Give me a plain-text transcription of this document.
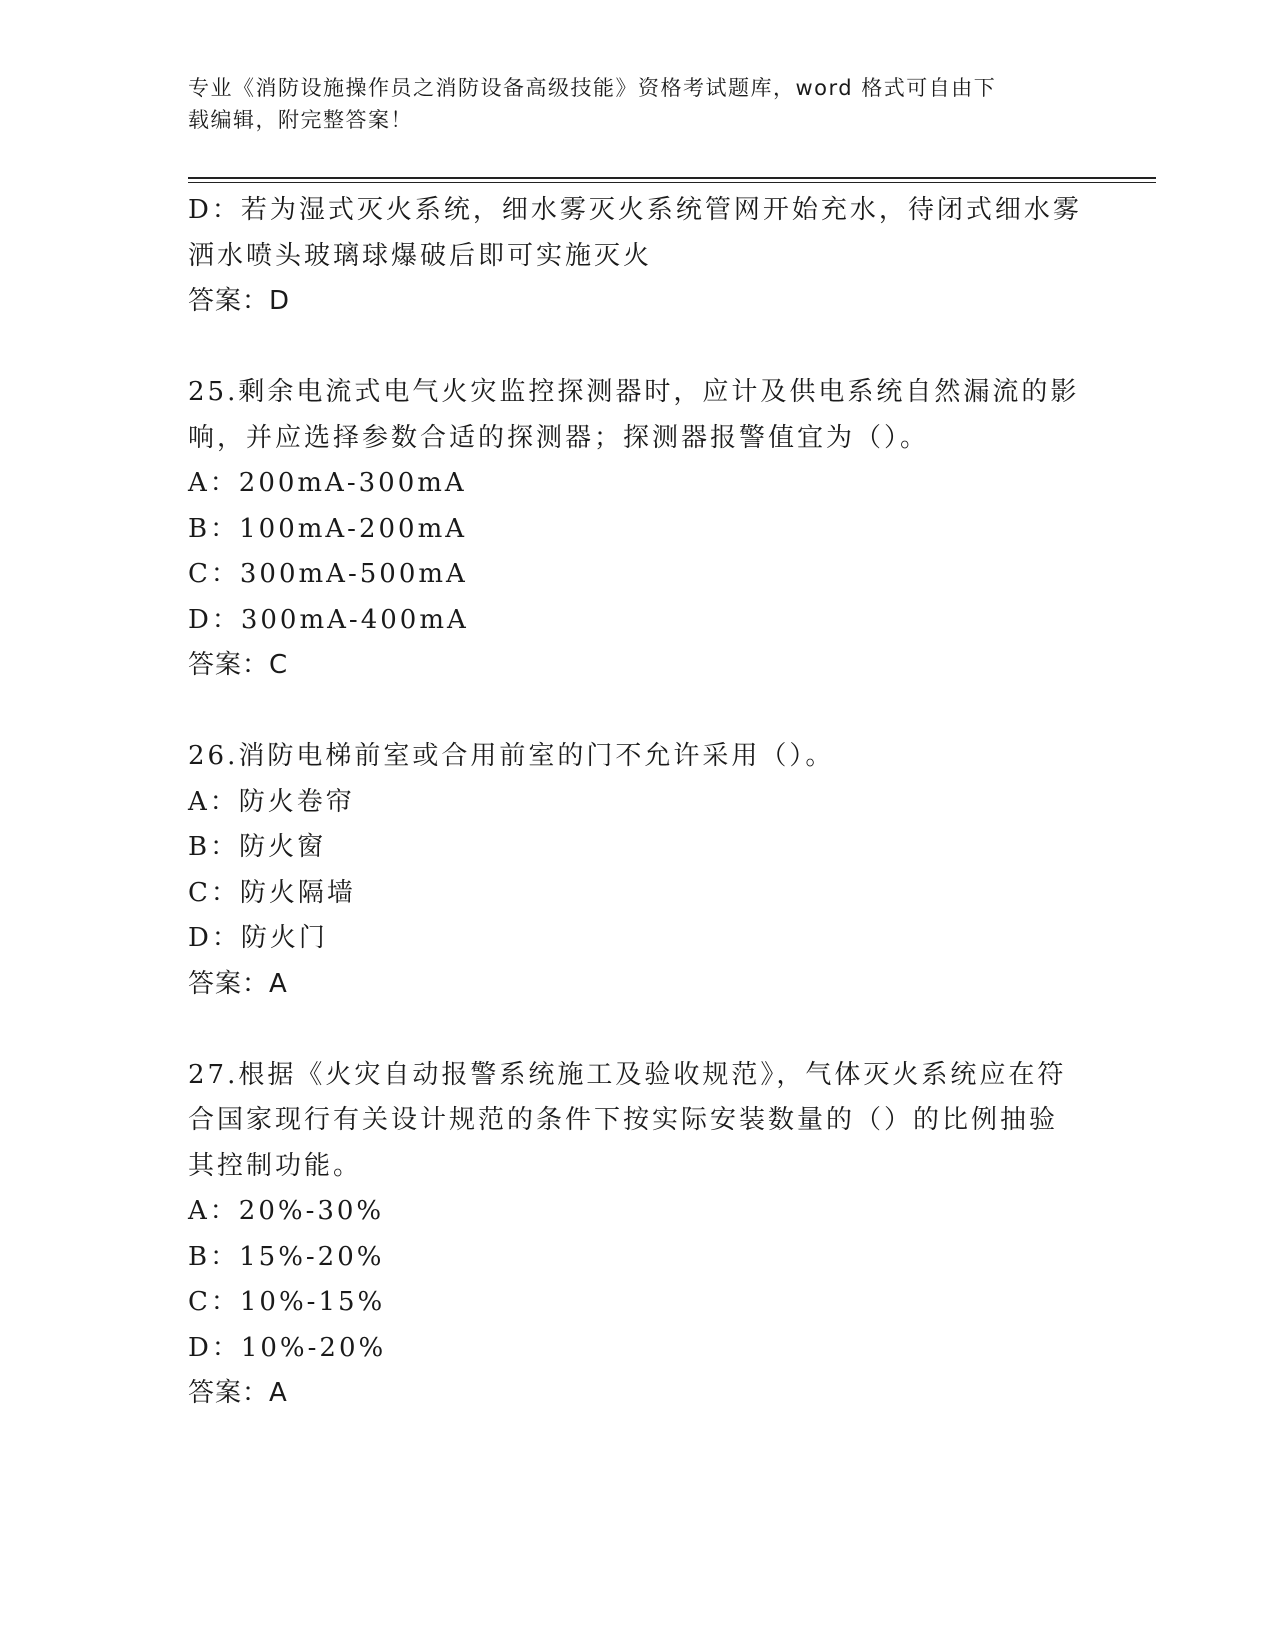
专业《消防设施操作员之消防设备高级技能》资格考试题库，word 格式可自由下
载编辑，附完整答案！
D：若为湿式灭火系统，细水雾灭火系统管网开始充水，待闭式细水雾
洒水喷头玻璃球爆破后即可实施灭火
答案：D
25.剩余电流式电气火灾监控探测器时，应计及供电系统自然漏流的影
响，并应选择参数合适的探测器；探测器报警值宜为（）。
A：200mA-300mA
B：100mA-200mA
C：300mA-500mA
D：300mA-400mA
答案：C
26.消防电梯前室或合用前室的门不允许采用（）。
A：防火卷帘
B：防火窗
C：防火隔墙
D：防火门
答案：A
27.根据《火灾自动报警系统施工及验收规范》，气体灭火系统应在符
合国家现行有关设计规范的条件下按实际安装数量的（）的比例抽验
其控制功能。
A：20%-30%
B：15%-20%
C：10%-15%
D：10%-20%
答案：A
